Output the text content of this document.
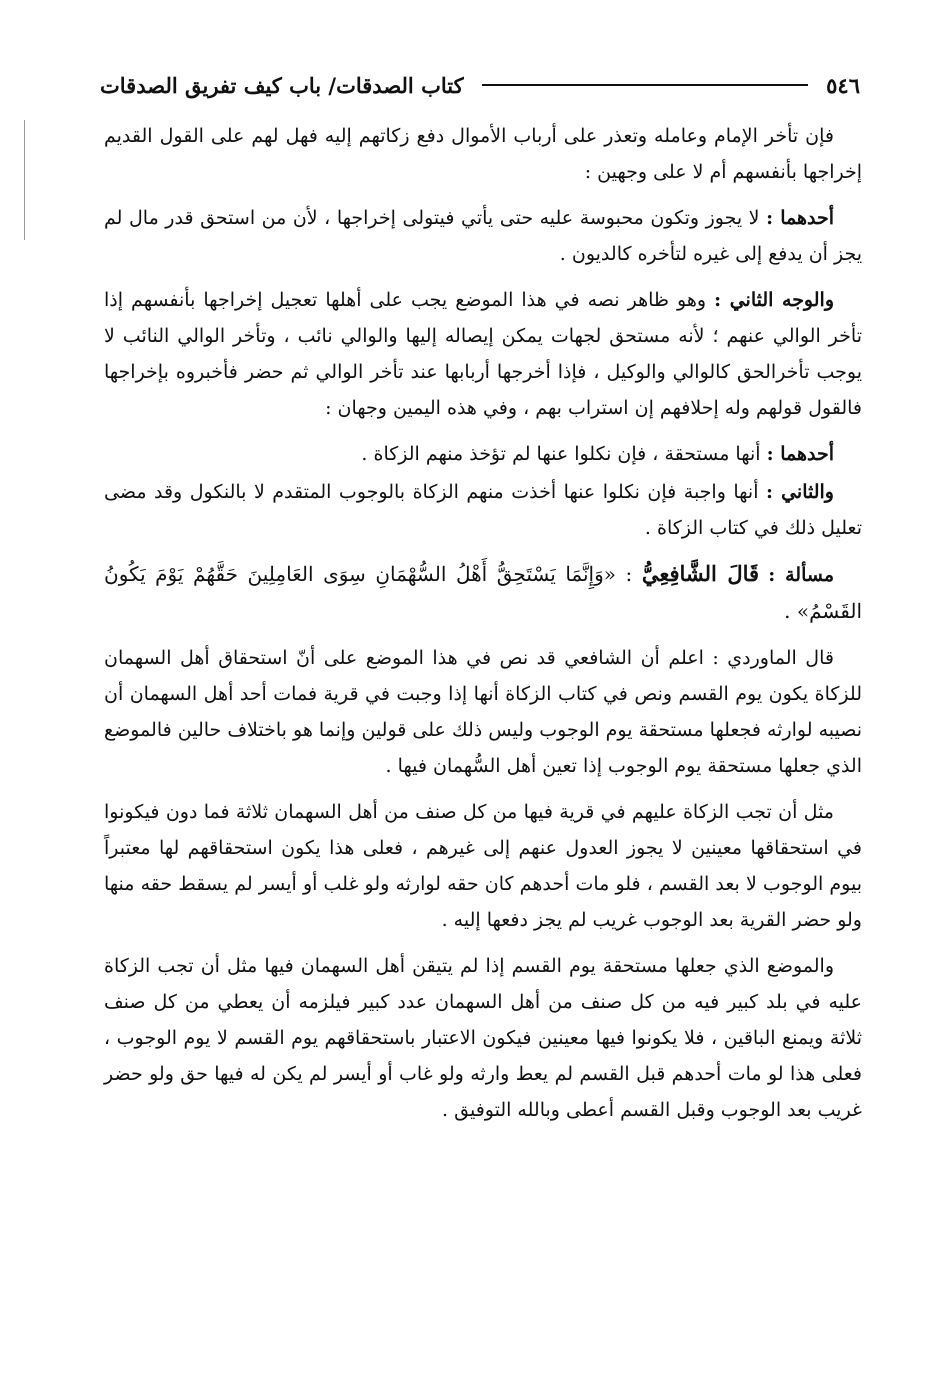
٥٤٦
كتاب الصدقات/ باب كيف تفريق الصدقات

فإن تأخر الإمام وعامله وتعذر على أرباب الأموال دفع زكاتهم إليه فهل لهم على القول القديم إخراجها بأنفسهم أم لا على وجهين :

أحدهما : لا يجوز وتكون محبوسة عليه حتى يأتي فيتولى إخراجها ، لأن من استحق قدر مال لم يجز أن يدفع إلى غيره لتأخره كالديون .

والوجه الثاني : وهو ظاهر نصه في هذا الموضع يجب على أهلها تعجيل إخراجها بأنفسهم إذا تأخر الوالي عنهم ؛ لأنه مستحق لجهات يمكن إيصاله إليها والوالي نائب ، وتأخر الوالي النائب لا يوجب تأخرالحق كالوالي والوكيل ، فإذا أخرجها أربابها عند تأخر الوالي ثم حضر فأخبروه بإخراجها فالقول قولهم وله إحلافهم إن استراب بهم ، وفي هذه اليمين وجهان :

أحدهما : أنها مستحقة ، فإن نكلوا عنها لم تؤخذ منهم الزكاة .

والثاني : أنها واجبة فإن نكلوا عنها أخذت منهم الزكاة بالوجوب المتقدم لا بالنكول وقد مضى تعليل ذلك في كتاب الزكاة .

مسألة : قَالَ الشَّافِعِيُّ : «وَإِنَّمَا يَسْتَحِقُّ أَهْلُ السُّهْمَانِ سِوَى العَامِلِينَ حَقَّهُمْ يَوْمَ يَكُونُ القَسْمُ» .

قال الماوردي : اعلم أن الشافعي قد نص في هذا الموضع على أنّ استحقاق أهل السهمان للزكاة يكون يوم القسم ونص في كتاب الزكاة أنها إذا وجبت في قرية فمات أحد أهل السهمان أن نصيبه لوارثه فجعلها مستحقة يوم الوجوب وليس ذلك على قولين وإنما هو باختلاف حالين فالموضع الذي جعلها مستحقة يوم الوجوب إذا تعين أهل السُّهمان فيها .

مثل أن تجب الزكاة عليهم في قرية فيها من كل صنف من أهل السهمان ثلاثة فما دون فيكونوا في استحقاقها معينين لا يجوز العدول عنهم إلى غيرهم ، فعلى هذا يكون استحقاقهم لها معتبراً بيوم الوجوب لا بعد القسم ، فلو مات أحدهم كان حقه لوارثه ولو غلب أو أيسر لم يسقط حقه منها ولو حضر القرية بعد الوجوب غريب لم يجز دفعها إليه .

والموضع الذي جعلها مستحقة يوم القسم إذا لم يتيقن أهل السهمان فيها مثل أن تجب الزكاة عليه في بلد كبير فيه من كل صنف من أهل السهمان عدد كبير فيلزمه أن يعطي من كل صنف ثلاثة ويمنع الباقين ، فلا يكونوا فيها معينين فيكون الاعتبار باستحقاقهم يوم القسم لا يوم الوجوب ، فعلى هذا لو مات أحدهم قبل القسم لم يعط وارثه ولو غاب أو أيسر لم يكن له فيها حق ولو حضر غريب بعد الوجوب وقبل القسم أعطى وبالله التوفيق .
